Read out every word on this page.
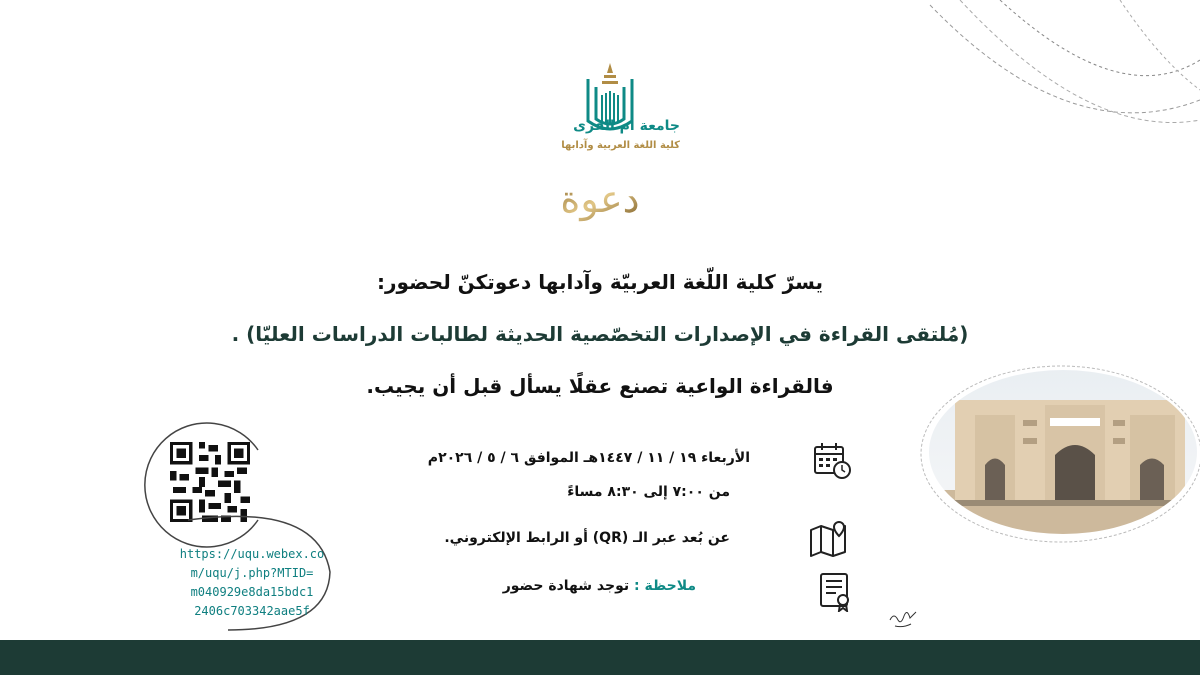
جامعة أم القرى
كلية اللغة العربية وآدابها
دعوة
يسرّ كلية اللّغة العربيّة وآدابها دعوتكنّ لحضور:
(مُلتقى القراءة في الإصدارات التخصّصية الحديثة لطالبات الدراسات العليّا) .
فالقراءة الواعية تصنع عقلًا يسأل قبل أن يجيب.
الأربعاء ١٩ / ١١ / ١٤٤٧هـ الموافق ٦ / ٥ / ٢٠٢٦م
من ٧:٠٠ إلى ٨:٣٠ مساءً
عن بُعد عبر الـ (QR) أو الرابط الإلكتروني.
ملاحظة : توجد شهادة حضور
https://uqu.webex.co
m/uqu/j.php?MTID=
m040929e8da15bdc1
2406c703342aae5f
